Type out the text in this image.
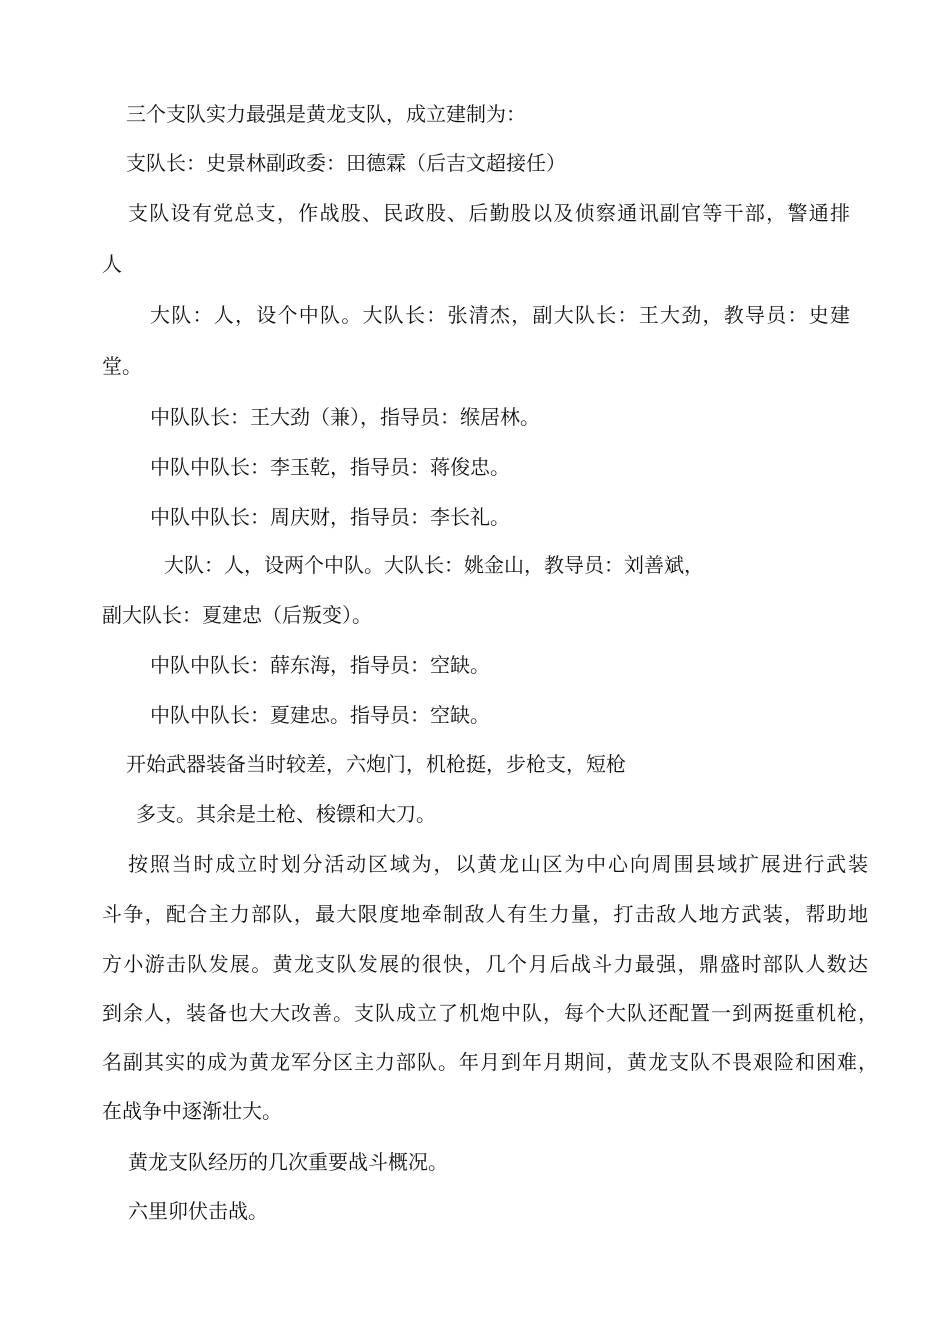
三个支队实力最强是黄龙支队，成立建制为：
支队长：史景林副政委：田德霖（后吉文超接任）
支队设有党总支，作战股、民政股、后勤股以及侦察通讯副官等干部，警通排
人
大队：人，设个中队。大队长：张清杰，副大队长：王大劲，教导员：史建
堂。
中队队长：王大劲（兼），指导员：缑居林。
中队中队长：李玉乾，指导员：蒋俊忠。
中队中队长：周庆财，指导员：李长礼。
大队：人，设两个中队。大队长：姚金山，教导员：刘善斌，
副大队长：夏建忠（后叛变）。
中队中队长：薛东海，指导员：空缺。
中队中队长：夏建忠。指导员：空缺。
开始武器装备当时较差，六炮门，机枪挺，步枪支，短枪
多支。其余是土枪、梭镖和大刀。
按照当时成立时划分活动区域为，以黄龙山区为中心向周围县域扩展进行武装
斗争，配合主力部队，最大限度地牵制敌人有生力量，打击敌人地方武装，帮助地
方小游击队发展。黄龙支队发展的很快，几个月后战斗力最强，鼎盛时部队人数达
到余人，装备也大大改善。支队成立了机炮中队，每个大队还配置一到两挺重机枪，
名副其实的成为黄龙军分区主力部队。年月到年月期间，黄龙支队不畏艰险和困难，
在战争中逐渐壮大。
黄龙支队经历的几次重要战斗概况。
六里卯伏击战。
